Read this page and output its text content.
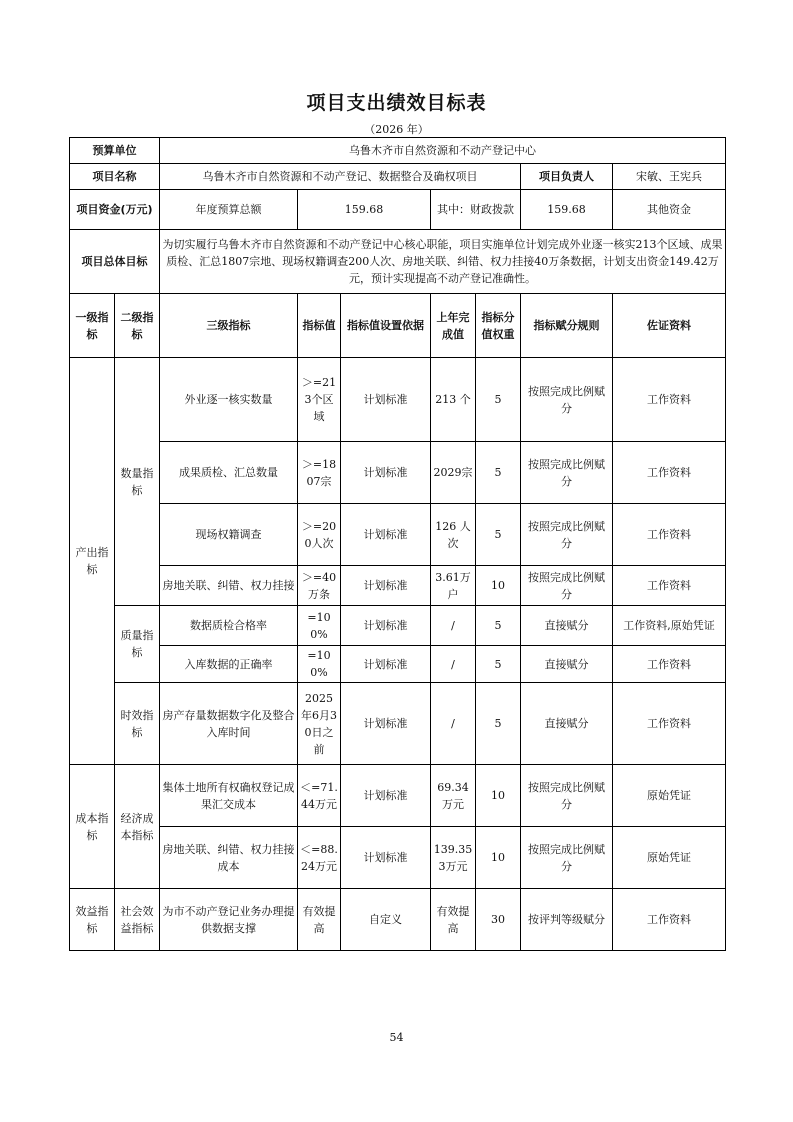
项目支出绩效目标表
（2026 年）
预算单位		乌鲁木齐市自然资源和不动产登记中心						
项目名称		乌鲁木齐市自然资源和不动产登记、数据整合及确权项目					项目负责人	宋敏、王宪兵
项目资金(万元)		年度预算总额	159.68		其中：财政拨款		159.68	其他资金

项目总体目标		为切实履行乌鲁木齐市自然资源和不动产登记中心核心职能，项目实施单位计划完成外业逐一核实213个区域、成果质检、汇总1807宗地、现场权籍调查200人次、房地关联、纠错、权力挂接40万条数据，计划支出资金149.42万元，预计实现提高不动产登记准确性。						
一级指标	二级指标	三级指标	指标值	指标值设置依据	上年完成值	指标分值权重	指标赋分规则	佐证资料
产出指标	数量指标	外业逐一核实数量	＞=213个区域	计划标准	213 个	5	按照完成比例赋分	工作资料
		成果质检、汇总数量	＞=1807宗	计划标准	2029宗	5	按照完成比例赋分	工作资料
		现场权籍调查	＞=200人次	计划标准	126 人次	5	按照完成比例赋分	工作资料
		房地关联、纠错、权力挂接	＞=40万条	计划标准	3.61万户	10	按照完成比例赋分	工作资料
	质量指标	数据质检合格率	=100%	计划标准	/	5	直接赋分	工作资料,原始凭证
		入库数据的正确率	=100%	计划标准	/	5	直接赋分	工作资料
	时效指标	房产存量数据数字化及整合入库时间	2025年6月30日之前	计划标准	/	5	直接赋分	工作资料
成本指标	经济成本指标	集体土地所有权确权登记成果汇交成本	＜=71.44万元	计划标准	69.34万元	10	按照完成比例赋分	原始凭证
		房地关联、纠错、权力挂接成本	＜=88.24万元	计划标准	139.353万元	10	按照完成比例赋分	原始凭证
效益指标	社会效益指标	为市不动产登记业务办理提供数据支撑	有效提高	自定义	有效提高	30	按评判等级赋分	工作资料
54
